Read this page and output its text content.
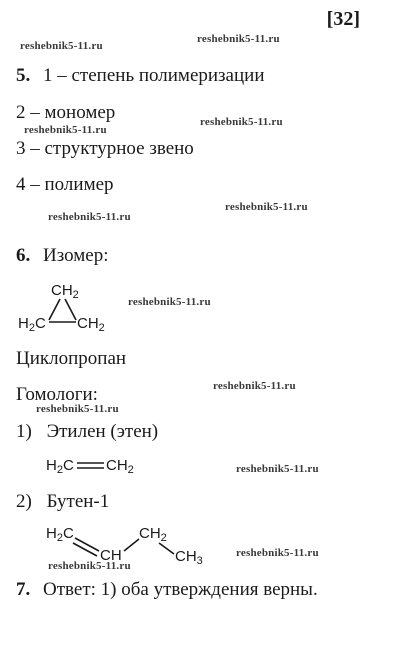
[32]
reshebnik5-11.ru
reshebnik5-11.ru
reshebnik5-11.ru
reshebnik5-11.ru
reshebnik5-11.ru
reshebnik5-11.ru
reshebnik5-11.ru
reshebnik5-11.ru
reshebnik5-11.ru
reshebnik5-11.ru
reshebnik5-11.ru
reshebnik5-11.ru
5. 1 – степень полимеризации
2 – мономер
3 – структурное звено
4 – полимер
6. Изомер:
$CH_2$
$H_2C$ $CH_2$
Циклопропан
Гомологи:
1) Этилен (этен)
$H_2C$ $CH_2$
2) Бутен-1
$H_2C$
CH
$CH_2$
$CH_3$
7. Ответ: 1) оба утверждения верны.
